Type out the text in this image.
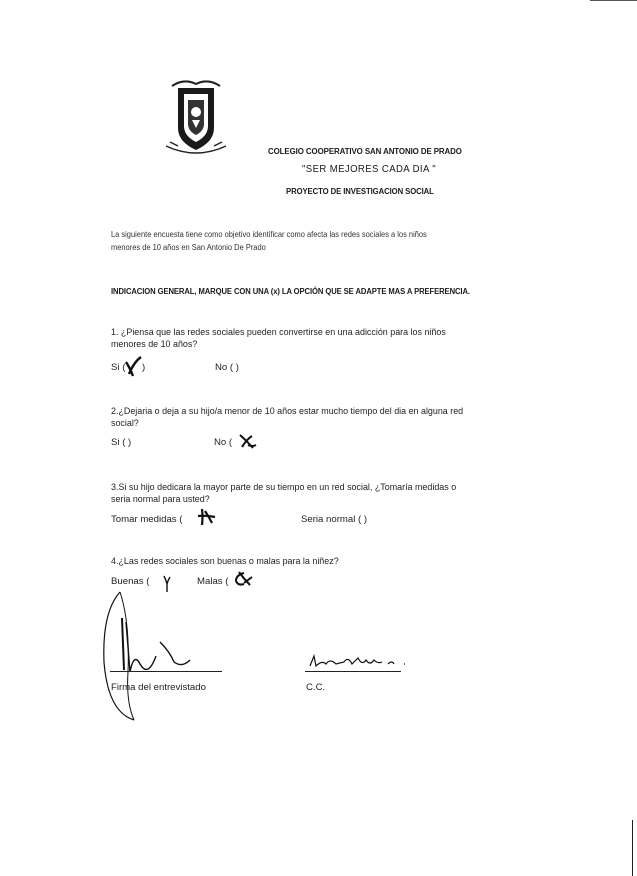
COLEGIO COOPERATIVO SAN ANTONIO DE PRADO
"SER MEJORES CADA DIA "
PROYECTO DE INVESTIGACION SOCIAL
La siguiente encuesta tiene como objetivo identificar como afecta las redes sociales a los niños
menores de 10 años en San Antonio De Prado
INDICACION GENERAL, MARQUE CON UNA (x) LA OPCIÓN QUE SE ADAPTE MAS A PREFERENCIA.
1. ¿Piensa que las redes sociales pueden convertirse en una adicción para los niños
menores de 10 años?
Si ( )	No ( )
2.¿Dejaria o deja a su hijo/a menor de 10 años estar mucho tiempo del dia en alguna red
social?
Si ( )	No (
3.Si su hijo dedicara la mayor parte de su tiempo en un red social, ¿Tomaría medidas o
seria normal para usted?
Tomar medidas (	Seria normal ( )
4.¿Las redes sociales son buenas o malas para la niñez?
Buenas (	Malas (
Firma del entrevistado	C.C.
